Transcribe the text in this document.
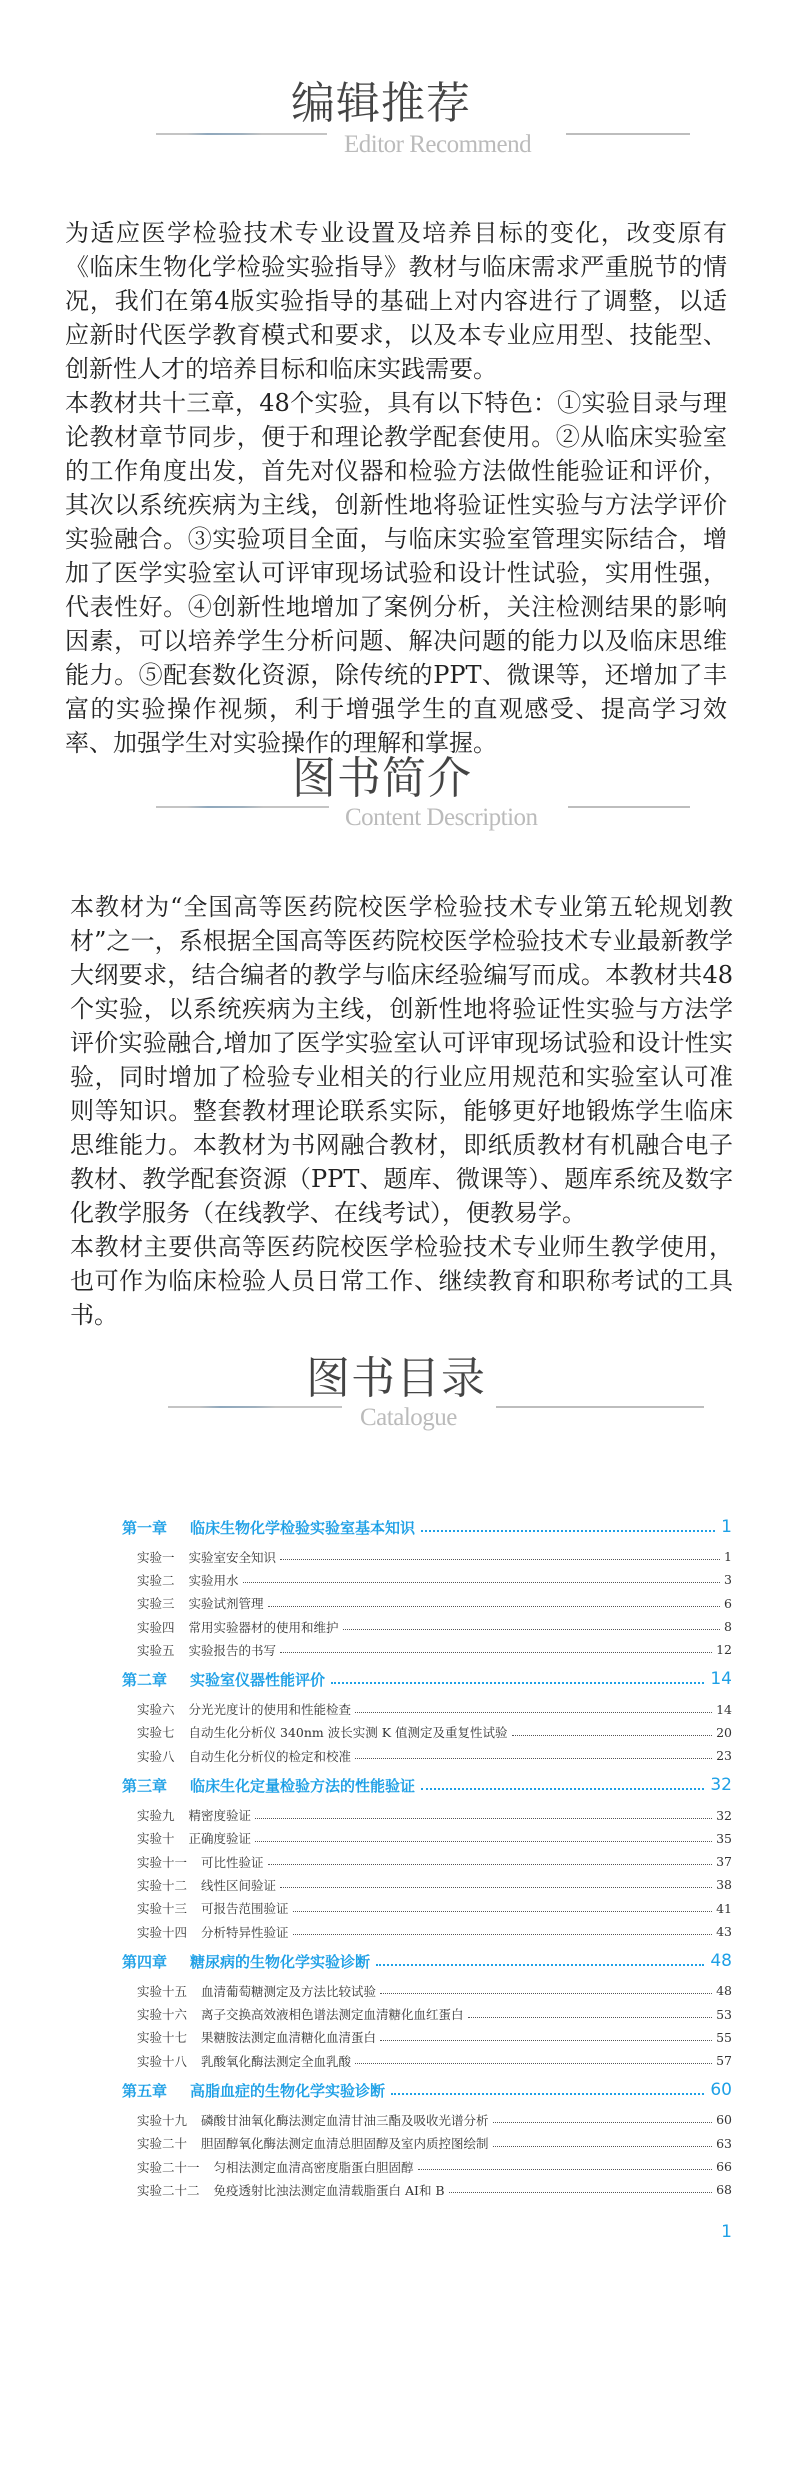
编辑推荐
Editor Recommend

为适应医学检验技术专业设置及培养目标的变化，改变原有《临床生物化学检验实验指导》教材与临床需求严重脱节的情况，我们在第4版实验指导的基础上对内容进行了调整，以适应新时代医学教育模式和要求，以及本专业应用型、技能型、创新性人才的培养目标和临床实践需要。

本教材共十三章，48个实验，具有以下特色：①实验目录与理论教材章节同步，便于和理论教学配套使用。②从临床实验室的工作角度出发，首先对仪器和检验方法做性能验证和评价，其次以系统疾病为主线，创新性地将验证性实验与方法学评价实验融合。③实验项目全面，与临床实验室管理实际结合，增加了医学实验室认可评审现场试验和设计性试验，实用性强，代表性好。④创新性地增加了案例分析，关注检测结果的影响因素，可以培养学生分析问题、解决问题的能力以及临床思维能力。⑤配套数化资源，除传统的PPT、微课等，还增加了丰富的实验操作视频，利于增强学生的直观感受、提高学习效率、加强学生对实验操作的理解和掌握。

图书简介
Content Description

本教材为“全国高等医药院校医学检验技术专业第五轮规划教材”之一，系根据全国高等医药院校医学检验技术专业最新教学大纲要求，结合编者的教学与临床经验编写而成。本教材共48个实验，以系统疾病为主线，创新性地将验证性实验与方法学评价实验融合,增加了医学实验室认可评审现场试验和设计性实验，同时增加了检验专业相关的行业应用规范和实验室认可准则等知识。整套教材理论联系实际，能够更好地锻炼学生临床思维能力。本教材为书网融合教材，即纸质教材有机融合电子教材、教学配套资源（PPT、题库、微课等）、题库系统及数字化教学服务（在线教学、在线考试），便教易学。

本教材主要供高等医药院校医学检验技术专业师生教学使用，也可作为临床检验人员日常工作、继续教育和职称考试的工具书。

图书目录
Catalogue
第一章	临床生物化学检验实验室基本知识	1
实验一 实验室安全知识	1
实验二 实验用水	3
实验三 实验试剂管理	6
实验四 常用实验器材的使用和维护	8
实验五 实验报告的书写	12
第二章	实验室仪器性能评价	14
实验六 分光光度计的使用和性能检查	14
实验七 自动生化分析仪 340nm 波长实测 K 值测定及重复性试验	20
实验八 自动生化分析仪的检定和校准	23
第三章	临床生化定量检验方法的性能验证	32
实验九 精密度验证	32
实验十 正确度验证	35
实验十一 可比性验证	37
实验十二 线性区间验证	38
实验十三 可报告范围验证	41
实验十四 分析特异性验证	43
第四章	糖尿病的生物化学实验诊断	48
实验十五 血清葡萄糖测定及方法比较试验	48
实验十六 离子交换高效液相色谱法测定血清糖化血红蛋白	53
实验十七 果糖胺法测定血清糖化血清蛋白	55
实验十八 乳酸氧化酶法测定全血乳酸	57
第五章	高脂血症的生物化学实验诊断	60
实验十九 磷酸甘油氧化酶法测定血清甘油三酯及吸收光谱分析	60
实验二十 胆固醇氧化酶法测定血清总胆固醇及室内质控图绘制	63
实验二十一 匀相法测定血清高密度脂蛋白胆固醇	66
实验二十二 免疫透射比浊法测定血清载脂蛋白 AⅠ和 B	68
1
